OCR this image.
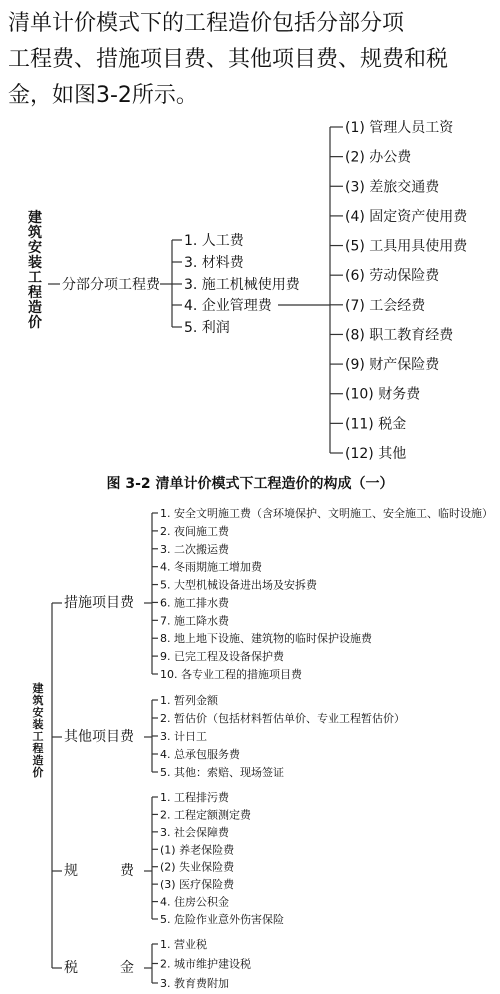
清单计价模式下的工程造价包括分部分项
工程费、措施项目费、其他项目费、规费和税
金，如图3-2所示。
建筑安装工程造价
分部分项工程费
1. 人工费
3. 材料费
3. 施工机械使用费
4. 企业管理费
5. 利润
(1) 管理人员工资
(2) 办公费
(3) 差旅交通费
(4) 固定资产使用费
(5) 工具用具使用费
(6) 劳动保险费
(7) 工会经费
(8) 职工教育经费
(9) 财产保险费
(10) 财务费
(11) 税金
(12) 其他
图 3-2 清单计价模式下工程造价的构成（一）
建筑安装工程造价
措施项目费
1. 安全文明施工费（含环境保护、文明施工、安全施工、临时设施）
2. 夜间施工费
3. 二次搬运费
4. 冬雨期施工增加费
5. 大型机械设备进出场及安拆费
6. 施工排水费
7. 施工降水费
8. 地上地下设施、建筑物的临时保护设施费
9. 已完工程及设备保护费
10. 各专业工程的措施项目费
其他项目费
1. 暂列金额
2. 暂估价（包括材料暂估单价、专业工程暂估价）
3. 计日工
4. 总承包服务费
5. 其他：索赔、现场签证
规　　　费
1. 工程排污费
2. 工程定额测定费
3. 社会保障费
(1) 养老保险费
(2) 失业保险费
(3) 医疗保险费
4. 住房公积金
5. 危险作业意外伤害保险
税　　　金
1. 营业税
2. 城市维护建设税
3. 教育费附加
